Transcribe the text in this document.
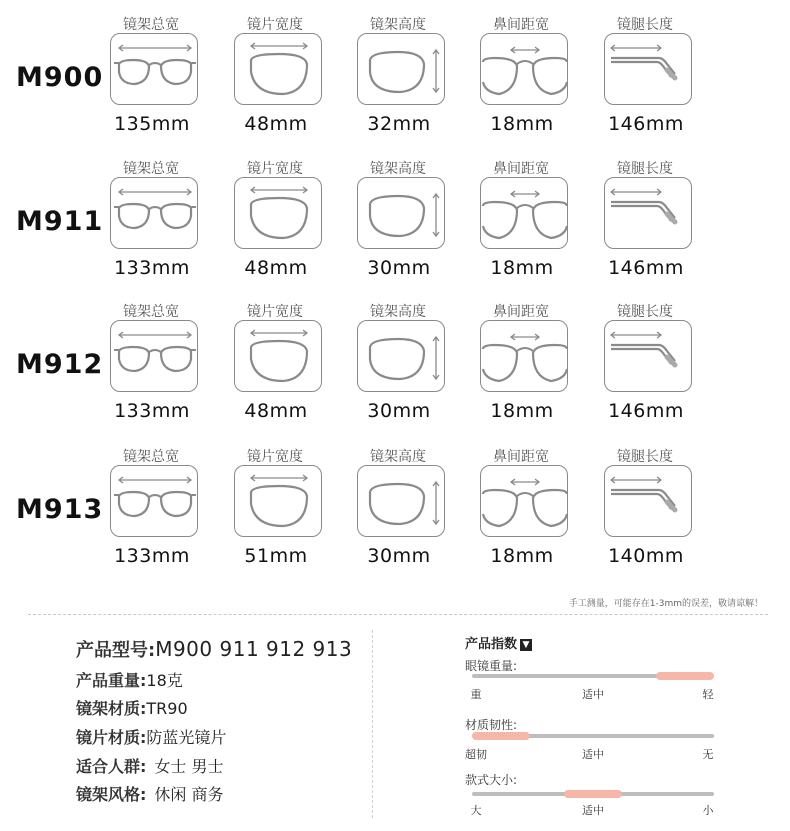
M900
镜架总宽
135mm
镜片宽度
48mm
镜架高度
32mm
鼻间距宽
18mm
镜腿长度
146mm
M911
镜架总宽
133mm
镜片宽度
48mm
镜架高度
30mm
鼻间距宽
18mm
镜腿长度
146mm
M912
镜架总宽
133mm
镜片宽度
48mm
镜架高度
30mm
鼻间距宽
18mm
镜腿长度
146mm
M913
镜架总宽
133mm
镜片宽度
51mm
镜架高度
30mm
鼻间距宽
18mm
镜腿长度
140mm
手工测量，可能存在1-3mm的误差，敬请谅解！
产品型号:M900 911 912 913
产品重量:18克
镜架材质:TR90
镜片材质:防蓝光镜片
适合人群: 女士 男士
镜架风格: 休闲 商务
产品指数 ▼
眼镜重量:
重	适中	轻
材质韧性:
超韧	适中	无
款式大小:
大	适中	小
